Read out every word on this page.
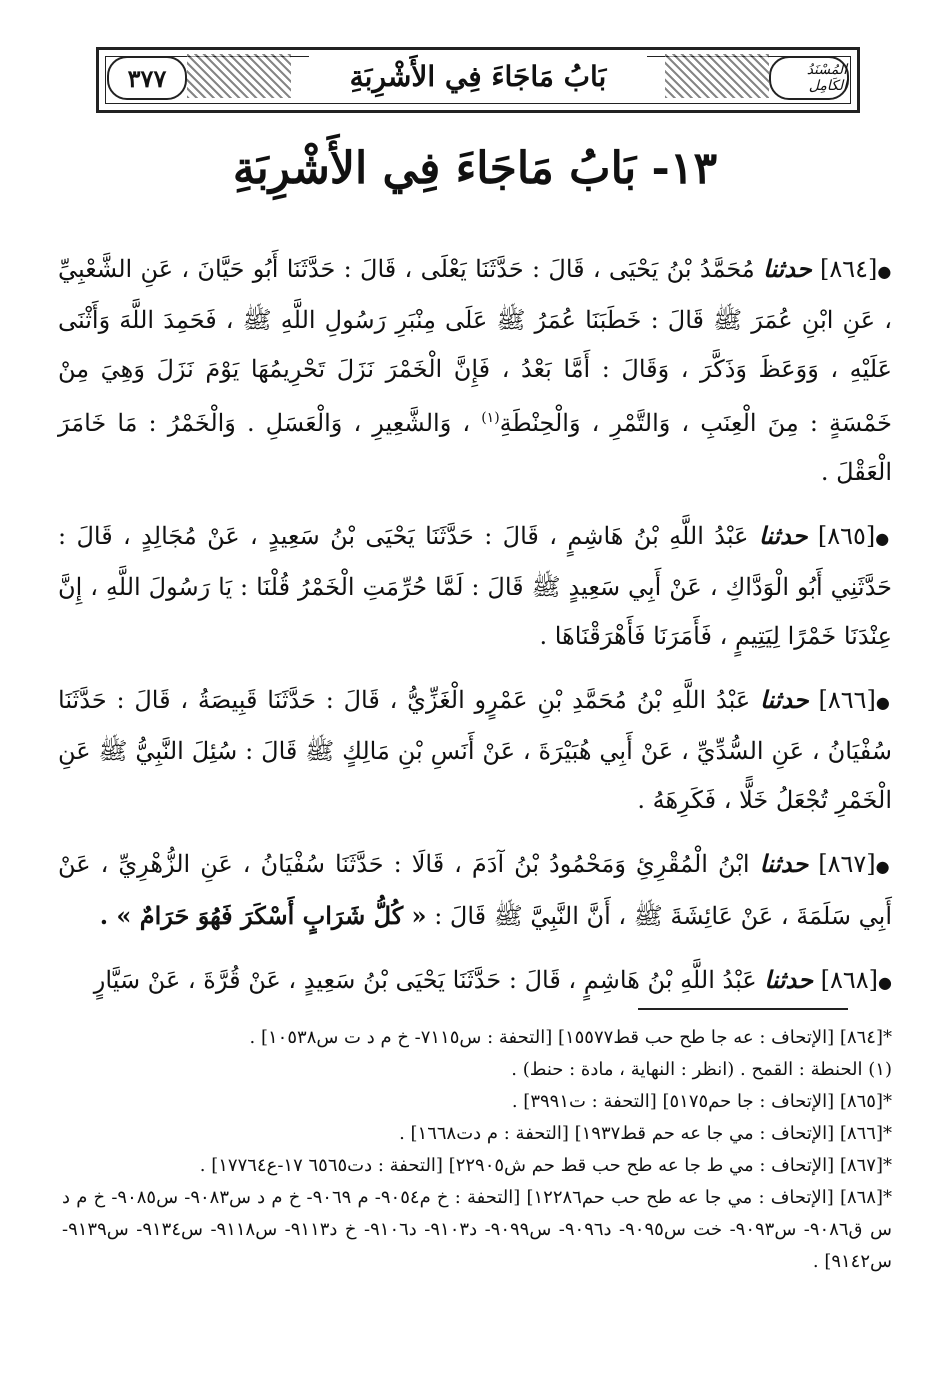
٣٧٧	بَابُ مَاجَاءَ فِي الأَشْرِبَةِ	المُسْنَدُ الكَامِل
١٣- بَابُ مَاجَاءَ فِي الأَشْرِبَةِ

●[٨٦٤] حدثنا مُحَمَّدُ بْنُ يَحْيَى ، قَالَ : حَدَّثَنَا يَعْلَى ، قَالَ : حَدَّثَنَا أَبُو حَيَّانَ ، عَنِ الشَّعْبِيِّ ، عَنِ ابْنِ عُمَرَ ﷺ قَالَ : خَطَبَنَا عُمَرُ ﷺ عَلَى مِنْبَرِ رَسُولِ اللَّهِ ﷺ ، فَحَمِدَ اللَّهَ وَأَثْنَى عَلَيْهِ ، وَوَعَظَ وَذَكَّرَ ، وَقَالَ : أَمَّا بَعْدُ ، فَإِنَّ الْخَمْرَ نَزَلَ تَحْرِيمُهَا يَوْمَ نَزَلَ وَهِيَ مِنْ خَمْسَةٍ : مِنَ الْعِنَبِ ، وَالتَّمْرِ ، وَالْحِنْطَةِ$^{(١)}$ ، وَالشَّعِيرِ ، وَالْعَسَلِ . وَالْخَمْرُ : مَا خَامَرَ الْعَقْلَ .

●[٨٦٥] حدثنا عَبْدُ اللَّهِ بْنُ هَاشِمٍ ، قَالَ : حَدَّثَنَا يَحْيَى بْنُ سَعِيدٍ ، عَنْ مُجَالِدٍ ، قَالَ : حَدَّثَنِي أَبُو الْوَدَّاكِ ، عَنْ أَبِي سَعِيدٍ ﷺ قَالَ : لَمَّا حُرِّمَتِ الْخَمْرُ قُلْنَا : يَا رَسُولَ اللَّهِ ، إِنَّ عِنْدَنَا خَمْرًا لِيَتِيمٍ ، فَأَمَرَنَا فَأَهْرَقْنَاهَا .

●[٨٦٦] حدثنا عَبْدُ اللَّهِ بْنُ مُحَمَّدِ بْنِ عَمْرٍو الْغَزِّيُّ ، قَالَ : حَدَّثَنَا قَبِيصَةُ ، قَالَ : حَدَّثَنَا سُفْيَانُ ، عَنِ السُّدِّيِّ ، عَنْ أَبِي هُبَيْرَةَ ، عَنْ أَنَسِ بْنِ مَالِكٍ ﷺ قَالَ : سُئِلَ النَّبِيُّ ﷺ عَنِ الْخَمْرِ تُجْعَلُ خَلًّا ، فَكَرِهَهُ .

●[٨٦٧] حدثنا ابْنُ الْمُقْرِئِ وَمَحْمُودُ بْنُ آدَمَ ، قَالَا : حَدَّثَنَا سُفْيَانُ ، عَنِ الزُّهْرِيِّ ، عَنْ أَبِي سَلَمَةَ ، عَنْ عَائِشَةَ ﷺ ، أَنَّ النَّبِيَّ ﷺ قَالَ : « كُلُّ شَرَابٍ أَسْكَرَ فَهُوَ حَرَامٌ » .

●[٨٦٨] حدثنا عَبْدُ اللَّهِ بْنُ هَاشِمٍ ، قَالَ : حَدَّثَنَا يَحْيَى بْنُ سَعِيدٍ ، عَنْ قُرَّةَ ، عَنْ سَيَّارٍ

*[٨٦٤] [الإتحاف : عه جا طح حب قط١٥٥٧٧] [التحفة : س٧١١٥- خ م د ت س١٠٥٣٨] .
(١) الحنطة : القمح . (انظر : النهاية ، مادة : حنط) .
*[٨٦٥] [الإتحاف : جا حم٥١٧٥] [التحفة : ت٣٩٩١] .
*[٨٦٦] [الإتحاف : مي جا عه حم قط١٩٣٧] [التحفة : م دت١٦٦٨] .
*[٨٦٧] [الإتحاف : مي ط جا عه طح حب قط حم ش٢٢٩٠٥] [التحفة : دت٦٥٦٥ ١٧-ع١٧٧٦٤] .
*[٨٦٨] [الإتحاف : مي جا عه طح حب حم١٢٢٨٦] [التحفة : خ م٩٠٥٤- م ٩٠٦٩- خ م د س٩٠٨٣- س٩٠٨٥- خ م د س ق٩٠٨٦- س٩٠٩٣- خت س٩٠٩٥- د٩٠٩٦- س٩٠٩٩- د٩١٠٣- د٩١٠٦- خ د٩١١٣- س٩١١٨- س٩١٣٤- س٩١٣٩- س٩١٤٢] .
